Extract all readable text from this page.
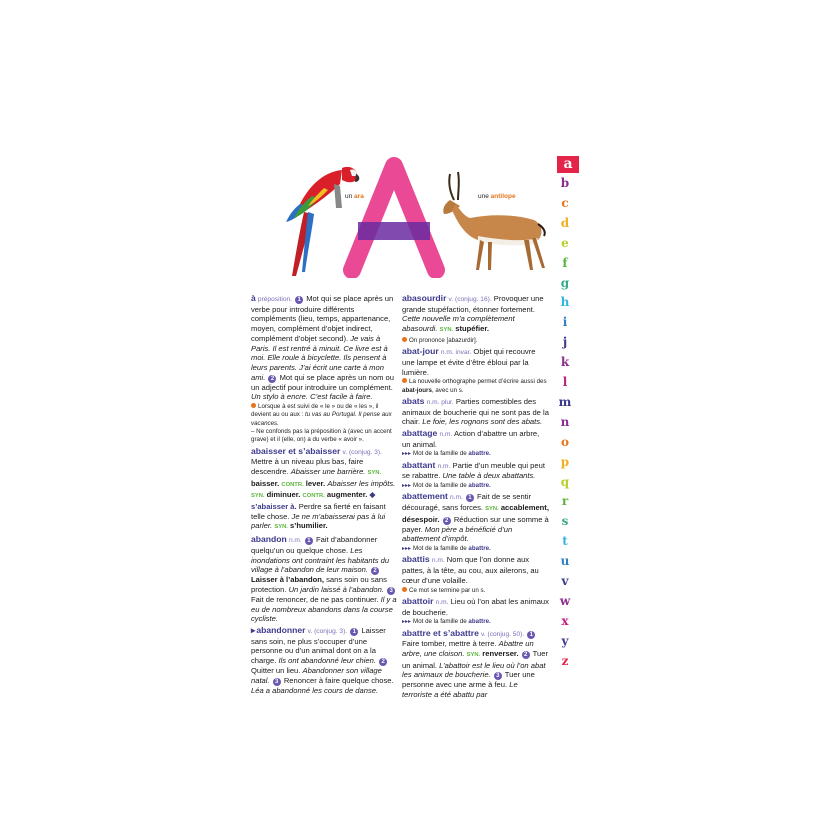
un ara	une antilope
à préposition. 1 Mot qui se place après un verbe pour introduire différents compléments (lieu, temps, appartenance, moyen, complément d’objet indirect, complément d’objet second). Je vais à Paris. Il est rentré à minuit. Ce livre est à moi. Elle roule à bicyclette. Ils pensent à leurs parents. J’ai écrit une carte à mon ami. 2 Mot qui se place après un nom ou un adjectif pour introduire un complément. Un stylo à encre. C’est facile à faire.
Lorsque à est suivi de « le » ou de « les », il devient au ou aux : tu vas au Portugal. Il pense aux vacances.
– Ne confonds pas la préposition à (avec un accent grave) et il (elle, on) a du verbe « avoir ».
abaisser et s’abaisser v. (conjug. 3). Mettre à un niveau plus bas, faire descendre. Abaisser une barrière. SYN. baisser. CONTR. lever. Abaisser les impôts. SYN. diminuer. CONTR. augmenter. ◆ s’abaisser à. Perdre sa fierté en faisant telle chose. Je ne m’abaisserai pas à lui parler. SYN. s’humilier.
abandon n.m. 1 Fait d’abandonner quelqu’un ou quelque chose. Les inondations ont contraint les habitants du village à l’abandon de leur maison. 2 Laisser à l’abandon, sans soin ou sans protection. Un jardin laissé à l’abandon. 3 Fait de renoncer, de ne pas continuer. Il y a eu de nombreux abandons dans la course cycliste.
▸ abandonner v. (conjug. 3). 1 Laisser sans soin, ne plus s’occuper d’une personne ou d’un animal dont on a la charge. Ils ont abandonné leur chien. 2 Quitter un lieu. Abandonner son village natal. 3 Renoncer à faire quelque chose. Léa a abandonné les cours de danse.
abasourdir v. (conjug. 16). Provoquer une grande stupéfaction, étonner fortement. Cette nouvelle m’a complètement abasourdi. SYN. stupéfier.
On prononce [abazurdir].
abat-jour n.m. invar. Objet qui recouvre une lampe et évite d’être ébloui par la lumière.
La nouvelle orthographe permet d’écrire aussi des abat-jours, avec un s.
abats n.m. plur. Parties comestibles des animaux de boucherie qui ne sont pas de la chair. Le foie, les rognons sont des abats.
abattage n.m. Action d’abattre un arbre, un animal.
▸▸▸ Mot de la famille de abattre.
abattant n.m. Partie d’un meuble qui peut se rabattre. Une table à deux abattants.
▸▸▸ Mot de la famille de abattre.
abattement n.m. 1 Fait de se sentir découragé, sans forces. SYN. accablement, désespoir. 2 Réduction sur une somme à payer. Mon père a bénéficié d’un abattement d’impôt.
▸▸▸ Mot de la famille de abattre.
abattis n.m. Nom que l’on donne aux pattes, à la tête, au cou, aux ailerons, au cœur d’une volaille.
Ce mot se termine par un s.
abattoir n.m. Lieu où l’on abat les animaux de boucherie.
▸▸▸ Mot de la famille de abattre.
abattre et s’abattre v. (conjug. 50). 1 Faire tomber, mettre à terre. Abattre un arbre, une cloison. SYN. renverser. 2 Tuer un animal. L’abattoir est le lieu où l’on abat les animaux de boucherie. 3 Tuer une personne avec une arme à feu. Le terroriste a été abattu par
a
b
c
d
e
f
g
h
i
j
k
l
m
n
o
p
q
r
s
t
u
v
w
x
y
z
